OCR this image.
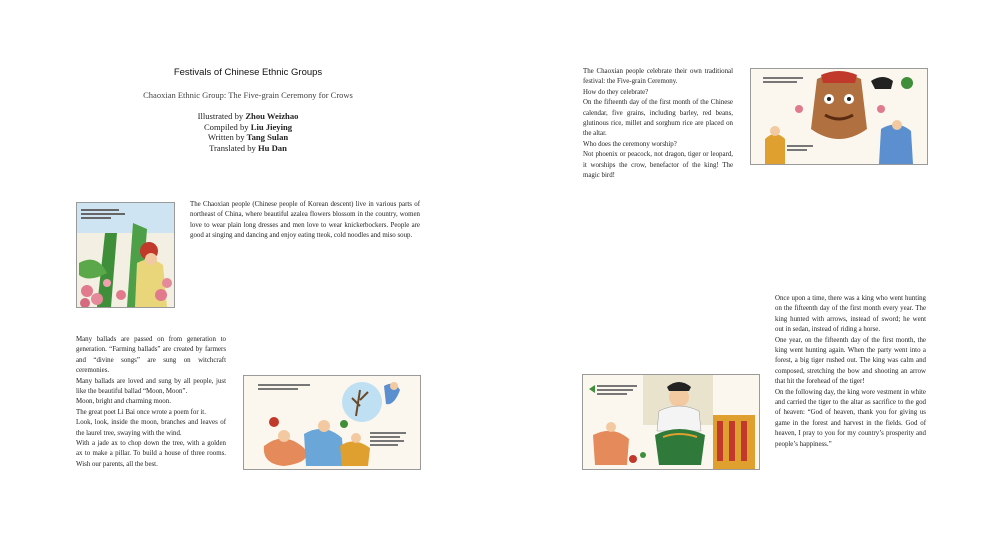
Festivals of Chinese Ethnic Groups
Chaoxian Ethnic Group: The Five-grain Ceremony for Crows
Illustrated by Zhou Weizhao
Compiled by Liu Jieying
Written by Tang Sulan
Translated by Hu Dan

The Chaoxian people (Chinese people of Korean descent) live in various parts of northeast of China, where beautiful azalea flowers blossom in the country, women love to wear plain long dresses and men love to wear knickerbockers. People are good at singing and dancing and enjoy eating tteok, cold noodles and miso soup.

Many ballads are passed on from generation to generation. “Farming ballads” are created by farmers and “divine songs” are sung on witchcraft ceremonies.

Many ballads are loved and sung by all people, just like the beautiful ballad “Moon, Moon”.

Moon, bright and charming moon.

The great poet Li Bai once wrote a poem for it.

Look, look, inside the moon, branches and leaves of the laurel tree, swaying with the wind.

With a jade ax to chop down the tree, with a golden ax to make a pillar. To build a house of three rooms. Wish our parents, all the best.

The Chaoxian people celebrate their own traditional festival: the Five-grain Ceremony.

How do they celebrate?

On the fifteenth day of the first month of the Chinese calendar, five grains, including barley, red beans, glutinous rice, millet and sorghum rice are placed on the altar.

Who does the ceremony worship?

Not phoenix or peacock, not dragon, tiger or leopard, it worships the crow, benefactor of the king! The magic bird!

Once upon a time, there was a king who went hunting on the fifteenth day of the first month every year. The king hunted with arrows, instead of sword; he went out in sedan, instead of riding a horse.

One year, on the fifteenth day of the first month, the king went hunting again. When the party went into a forest, a big tiger rushed out. The king was calm and composed, stretching the bow and shooting an arrow that hit the forehead of the tiger!

On the following day, the king wore vestment in white and carried the tiger to the altar as sacrifice to the god of heaven: “God of heaven, thank you for giving us game in the forest and harvest in the fields. God of heaven, I pray to you for my country’s prosperity and people’s happiness.”
